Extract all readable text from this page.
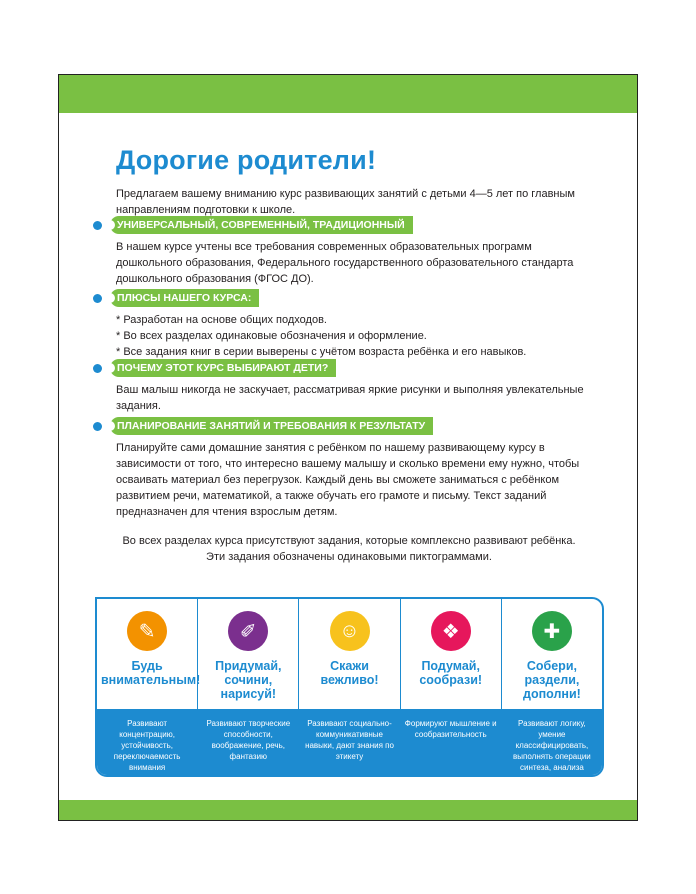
Дорогие родители!
Предлагаем вашему вниманию курс развивающих занятий с детьми 4—5 лет по главным направлениям подготовки к школе.
УНИВЕРСАЛЬНЫЙ, СОВРЕМЕННЫЙ, ТРАДИЦИОННЫЙ
В нашем курсе учтены все требования современных образовательных программ дошкольного образования, Федерального государственного образовательного стандарта дошкольного образования (ФГОС ДО).
ПЛЮСЫ НАШЕГО КУРСА:
* Разработан на основе общих подходов.
* Во всех разделах одинаковые обозначения и оформление.
* Все задания книг в серии выверены с учётом возраста ребёнка и его навыков.
ПОЧЕМУ ЭТОТ КУРС ВЫБИРАЮТ ДЕТИ?
Ваш малыш никогда не заскучает, рассматривая яркие рисунки и выполняя увлекательные задания.
ПЛАНИРОВАНИЕ ЗАНЯТИЙ И ТРЕБОВАНИЯ К РЕЗУЛЬТАТУ
Планируйте сами домашние занятия с ребёнком по нашему развивающему курсу в зависимости от того, что интересно вашему малышу и сколько времени ему нужно, чтобы осваивать материал без перегрузок. Каждый день вы сможете заниматься с ребёнком развитием речи, математикой, а также обучать его грамоте и письму. Текст заданий предназначен для чтения взрослым детям.
Во всех разделах курса присутствуют задания, которые комплексно развивают ребёнка.
Эти задания обозначены одинаковыми пиктограммами.
✎
Будь
внимательным!
Развивают концентрацию, устойчивость, переключаемость внимания
✐
Придумай,
сочини,
нарисуй!
Развивают творческие способности, воображение, речь, фантазию
☺
Скажи
вежливо!
Развивают социально-коммуникативные навыки, дают знания по этикету
❖
Подумай,
сообрази!
Формируют мышление и сообразительность
✚
Собери,
раздели,
дополни!
Развивают логику, умение классифицировать, выполнять операции синтеза, анализа
